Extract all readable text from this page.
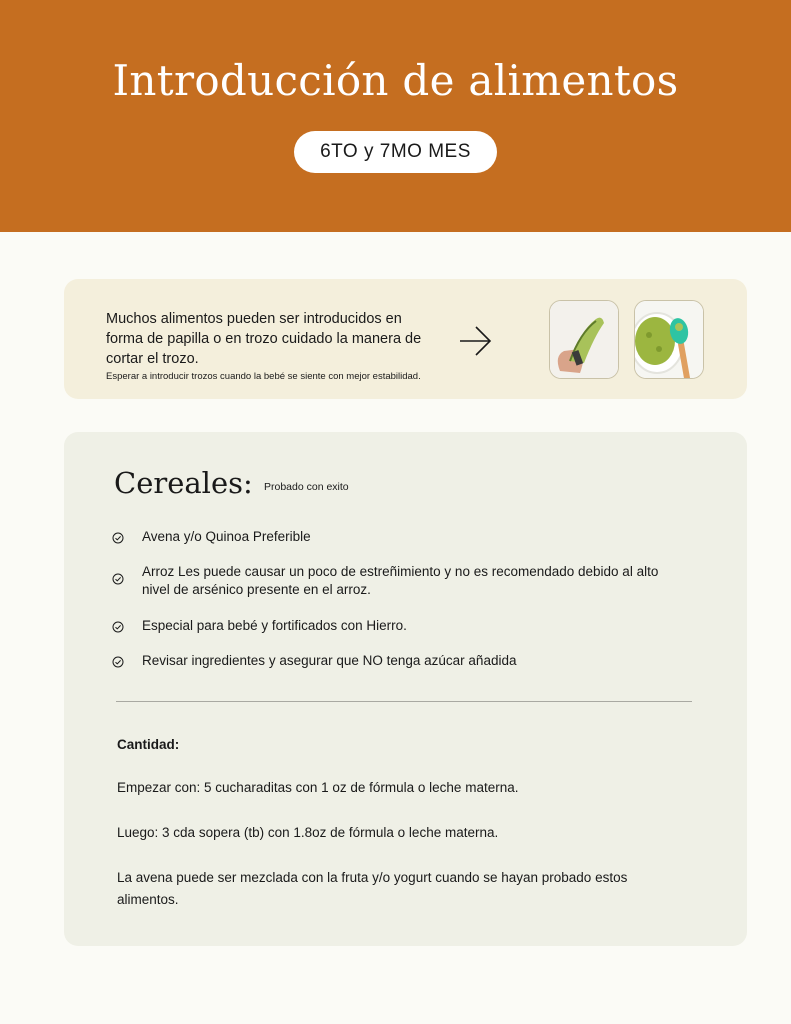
Introducción de alimentos
6TO y 7MO MES

Muchos alimentos pueden ser introducidos en forma de papilla o en trozo cuidado la manera de cortar el trozo.

Esperar a introducir trozos cuando la bebé se siente con mejor estabilidad.
Cereales: Probado con exito
Avena y/o Quinoa Preferible
Arroz Les puede causar un poco de estreñimiento y no es recomendado debido al alto nivel de arsénico presente en el arroz.
Especial para bebé y fortificados con Hierro.
Revisar ingredientes y asegurar que NO tenga azúcar añadida
Cantidad:

Empezar con: 5 cucharaditas con 1 oz de fórmula o leche materna.

Luego: 3 cda sopera (tb) con 1.8oz de fórmula o leche materna.

La avena puede ser mezclada con la fruta y/o yogurt cuando se hayan probado estos alimentos.
